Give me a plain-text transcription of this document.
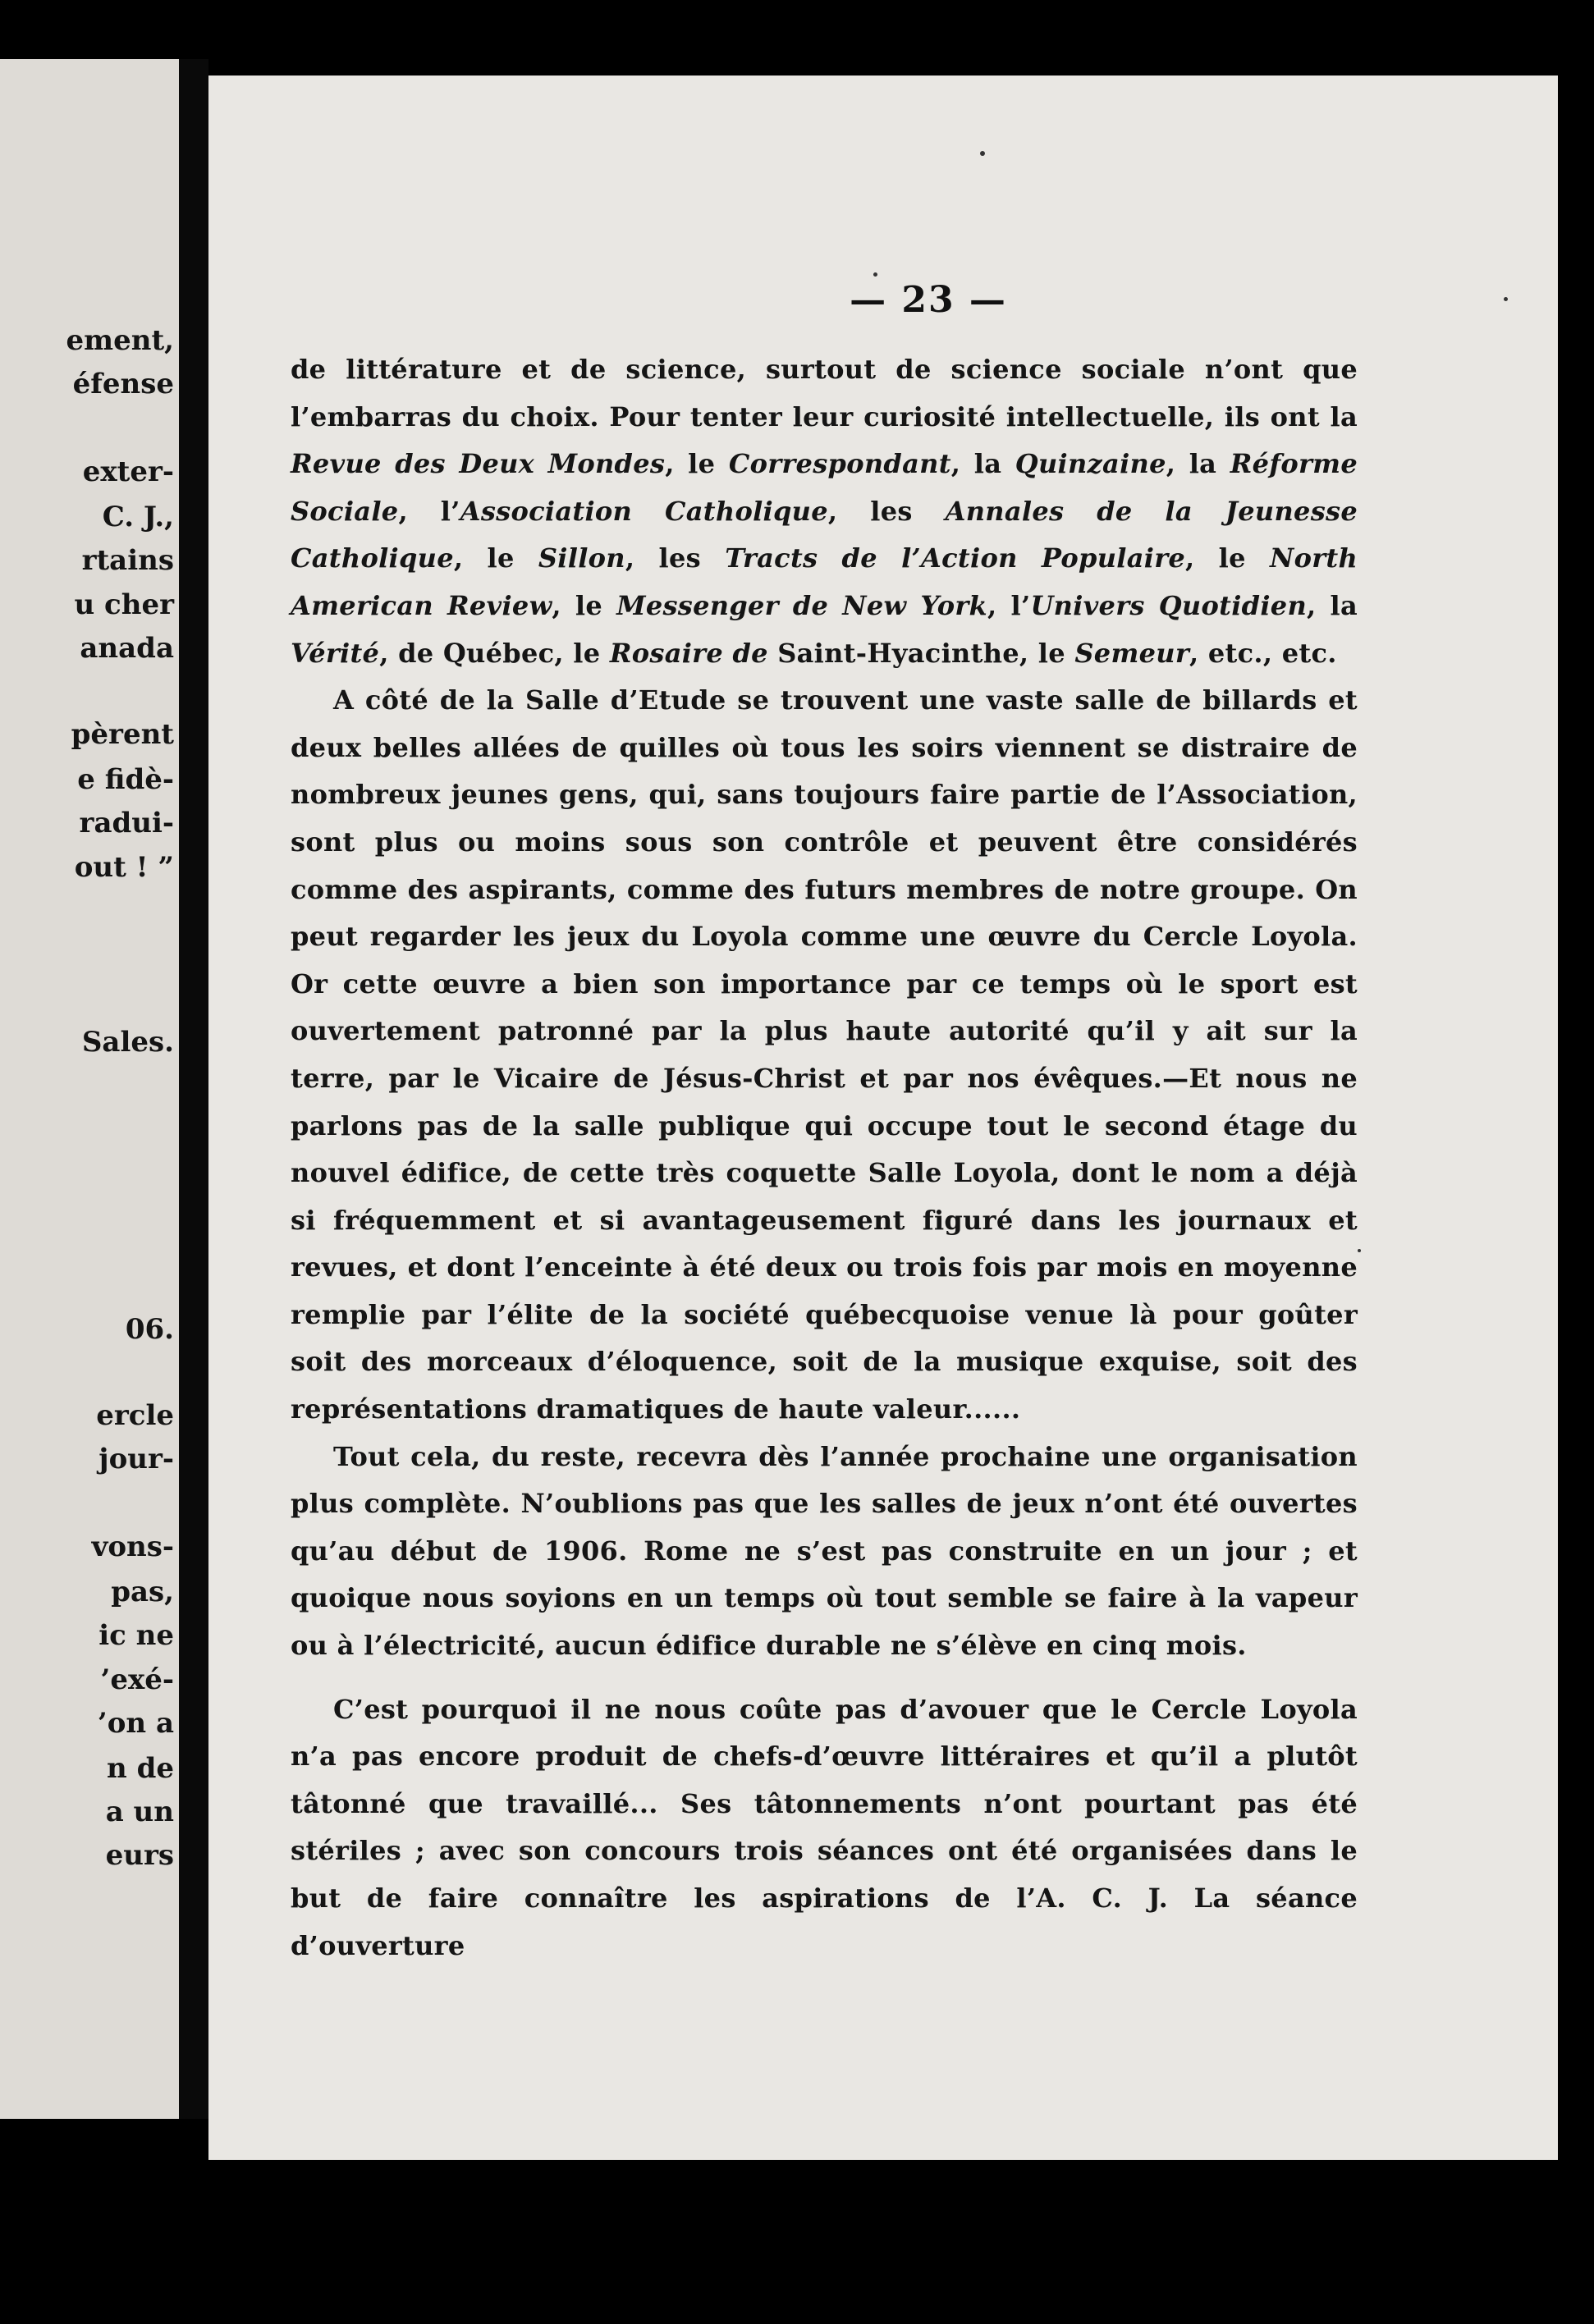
ement,
éfense
exter-
C. J.,
rtains
u cher
anada
pèrent
e fidè-
radui-
out ! ”
Sales.
06.
ercle
jour-
vons-
pas,
ic ne
’exé-
’on a
n de
a un
eurs
— 23 —

de littérature et de science, surtout de science sociale n’ont que l’embarras du choix. Pour tenter leur curiosité intellectuelle, ils ont la Revue des Deux Mondes, le Correspondant, la Quinzaine, la Réforme Sociale, l’Association Catholique, les Annales de la Jeunesse Catholique, le Sillon, les Tracts de l’Action Populaire, le North American Review, le Messenger de New York, l’Univers Quotidien, la Vérité, de Québec, le Rosaire de Saint-Hyacinthe, le Semeur, etc., etc.

A côté de la Salle d’Etude se trouvent une vaste salle de billards et deux belles allées de quilles où tous les soirs viennent se distraire de nombreux jeunes gens, qui, sans toujours faire partie de l’Association, sont plus ou moins sous son contrôle et peuvent être considérés comme des aspirants, comme des futurs membres de notre groupe. On peut regarder les jeux du Loyola comme une œuvre du Cercle Loyola. Or cette œuvre a bien son importance par ce temps où le sport est ouvertement patronné par la plus haute autorité qu’il y ait sur la terre, par le Vicaire de Jésus-Christ et par nos évêques.—Et nous ne parlons pas de la salle publique qui occupe tout le second étage du nouvel édifice, de cette très coquette Salle Loyola, dont le nom a déjà si fréquemment et si avantageusement figuré dans les journaux et revues, et dont l’enceinte à été deux ou trois fois par mois en moyenne remplie par l’élite de la société québecquoise venue là pour goûter soit des morceaux d’éloquence, soit de la musique exquise, soit des représentations dramatiques de haute valeur......

Tout cela, du reste, recevra dès l’année prochaine une organisation plus complète. N’oublions pas que les salles de jeux n’ont été ouvertes qu’au début de 1906. Rome ne s’est pas construite en un jour ; et quoique nous soyions en un temps où tout semble se faire à la vapeur ou à l’électricité, aucun édifice durable ne s’élève en cinq mois.

C’est pourquoi il ne nous coûte pas d’avouer que le Cercle Loyola n’a pas encore produit de chefs-d’œuvre littéraires et qu’il a plutôt tâtonné que travaillé... Ses tâtonnements n’ont pourtant pas été stériles ; avec son concours trois séances ont été organisées dans le but de faire connaître les aspirations de l’A. C. J. La séance d’ouverture
